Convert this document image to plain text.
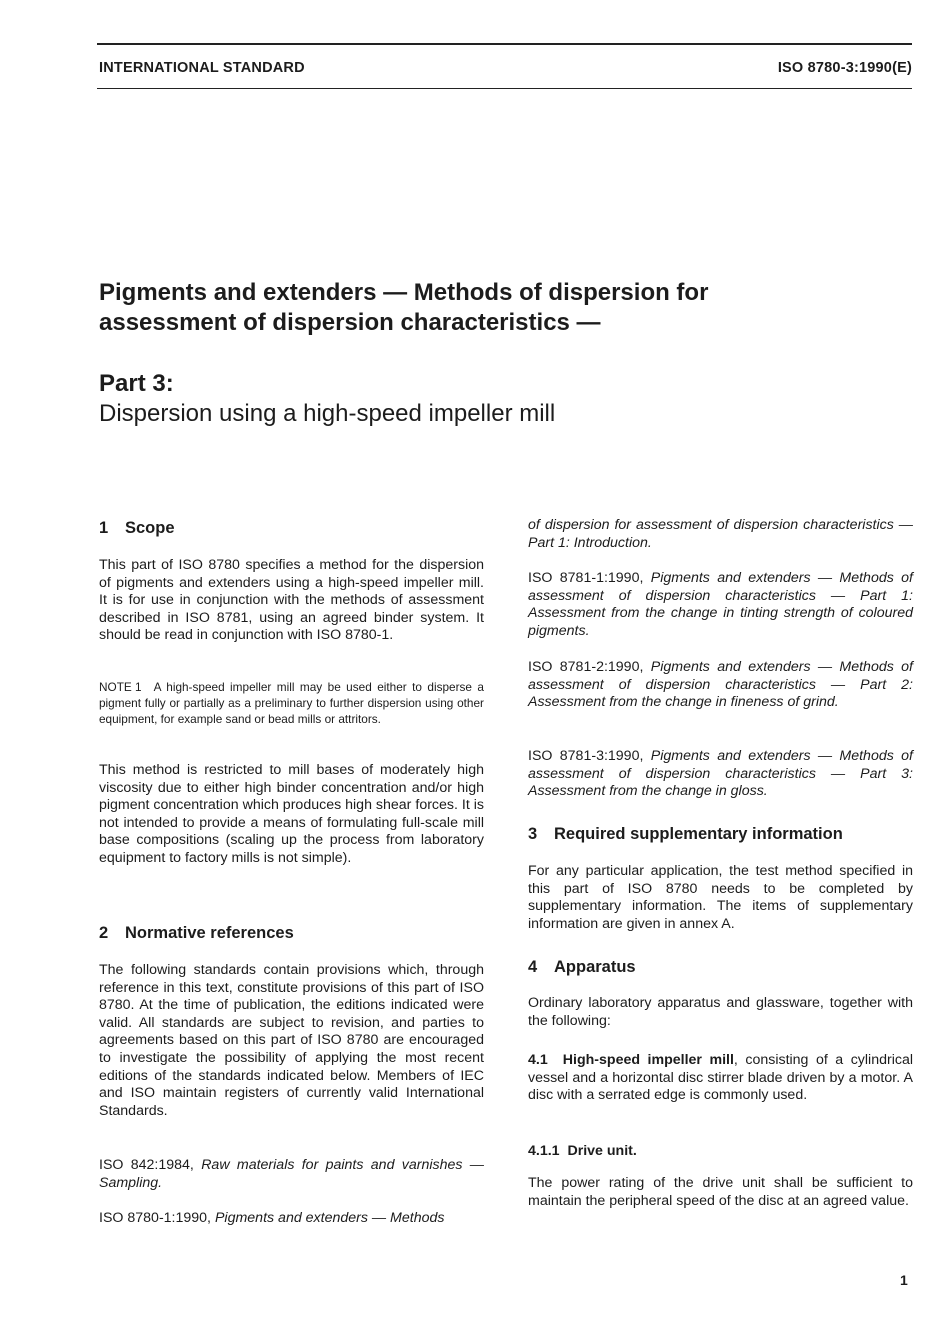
INTERNATIONAL STANDARD	ISO 8780-3:1990(E)
Pigments and extenders — Methods of dispersion for
assessment of dispersion characteristics —
Part 3:
Dispersion using a high-speed impeller mill
1 Scope

This part of ISO 8780 specifies a method for the dispersion of pigments and extenders using a high-speed impeller mill. It is for use in conjunction with the methods of assessment described in ISO 8781, using an agreed binder system. It should be read in conjunction with ISO 8780-1.

NOTE 1 A high-speed impeller mill may be used either to disperse a pigment fully or partially as a preliminary to further dispersion using other equipment, for example sand or bead mills or attritors.

This method is restricted to mill bases of moderately high viscosity due to either high binder concentration and/or high pigment concentration which produces high shear forces. It is not intended to provide a means of formulating full-scale mill base compositions (scaling up the process from laboratory equipment to factory mills is not simple).

2 Normative references

The following standards contain provisions which, through reference in this text, constitute provisions of this part of ISO 8780. At the time of publication, the editions indicated were valid. All standards are subject to revision, and parties to agreements based on this part of ISO 8780 are encouraged to investigate the possibility of applying the most recent editions of the standards indicated below. Members of IEC and ISO maintain registers of currently valid International Standards.

ISO 842:1984, Raw materials for paints and varnishes — Sampling.

ISO 8780-1:1990, Pigments and extenders — Methods

of dispersion for assessment of dispersion characteristics — Part 1: Introduction.

ISO 8781-1:1990, Pigments and extenders — Methods of assessment of dispersion characteristics — Part 1: Assessment from the change in tinting strength of coloured pigments.

ISO 8781-2:1990, Pigments and extenders — Methods of assessment of dispersion characteristics — Part 2: Assessment from the change in fineness of grind.

ISO 8781-3:1990, Pigments and extenders — Methods of assessment of dispersion characteristics — Part 3: Assessment from the change in gloss.

3 Required supplementary information

For any particular application, the test method specified in this part of ISO 8780 needs to be completed by supplementary information. The items of supplementary information are given in annex A.

4 Apparatus

Ordinary laboratory apparatus and glassware, together with the following:

4.1 High-speed impeller mill, consisting of a cylindrical vessel and a horizontal disc stirrer blade driven by a motor. A disc with a serrated edge is commonly used.

4.1.1 Drive unit.

The power rating of the drive unit shall be sufficient to maintain the peripheral speed of the disc at an agreed value.

1
